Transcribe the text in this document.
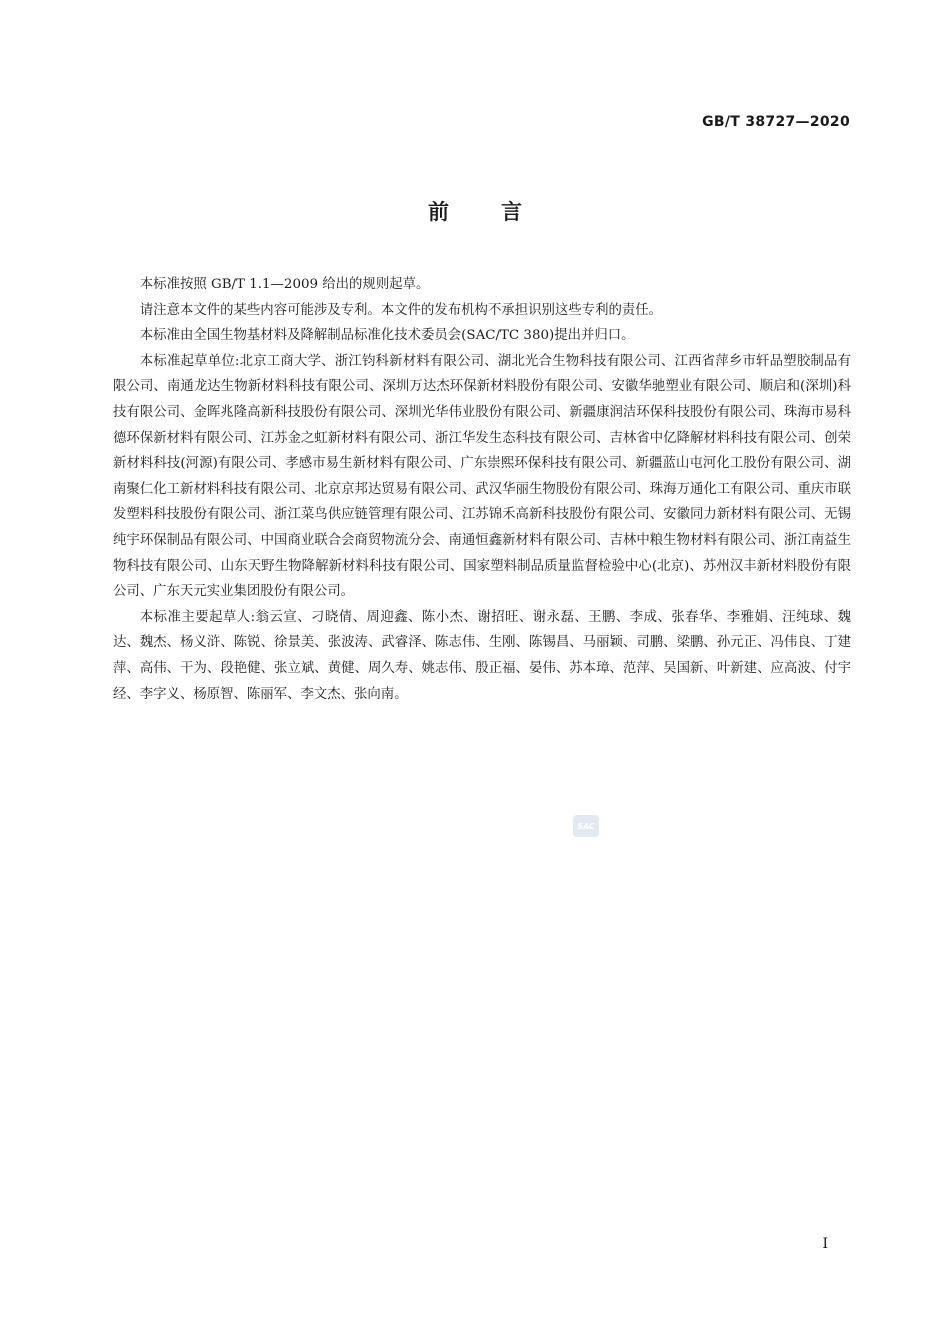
GB/T 38727—2020
前 言

本标准按照 GB/T 1.1—2009 给出的规则起草。

请注意本文件的某些内容可能涉及专利。本文件的发布机构不承担识别这些专利的责任。

本标准由全国生物基材料及降解制品标准化技术委员会(SAC/TC 380)提出并归口。

本标准起草单位:北京工商大学、浙江钧科新材料有限公司、湖北光合生物科技有限公司、江西省萍乡市轩品塑胶制品有限公司、南通龙达生物新材料科技有限公司、深圳万达杰环保新材料股份有限公司、安徽华驰塑业有限公司、顺启和(深圳)科技有限公司、金晖兆隆高新科技股份有限公司、深圳光华伟业股份有限公司、新疆康润洁环保科技股份有限公司、珠海市易科德环保新材料有限公司、江苏金之虹新材料有限公司、浙江华发生态科技有限公司、吉林省中亿降解材料科技有限公司、创荣新材料科技(河源)有限公司、孝感市易生新材料有限公司、广东崇熙环保科技有限公司、新疆蓝山屯河化工股份有限公司、湖南聚仁化工新材料科技有限公司、北京京邦达贸易有限公司、武汉华丽生物股份有限公司、珠海万通化工有限公司、重庆市联发塑料科技股份有限公司、浙江菜鸟供应链管理有限公司、江苏锦禾高新科技股份有限公司、安徽同力新材料有限公司、无锡纯宇环保制品有限公司、中国商业联合会商贸物流分会、南通恒鑫新材料有限公司、吉林中粮生物材料有限公司、浙江南益生物科技有限公司、山东天野生物降解新材料科技有限公司、国家塑料制品质量监督检验中心(北京)、苏州汉丰新材料股份有限公司、广东天元实业集团股份有限公司。

本标准主要起草人:翁云宣、刁晓倩、周迎鑫、陈小杰、谢招旺、谢永磊、王鹏、李成、张春华、李雅娟、汪纯球、魏达、魏杰、杨义浒、陈锐、徐景美、张波涛、武睿泽、陈志伟、生刚、陈锡昌、马丽颖、司鹏、梁鹏、孙元正、冯伟良、丁建萍、高伟、干为、段艳健、张立斌、黄健、周久寿、姚志伟、殷正福、晏伟、苏本璋、范萍、吴国新、叶新建、应高波、付宇经、李字义、杨原智、陈丽军、李文杰、张向南。

SAC
I
